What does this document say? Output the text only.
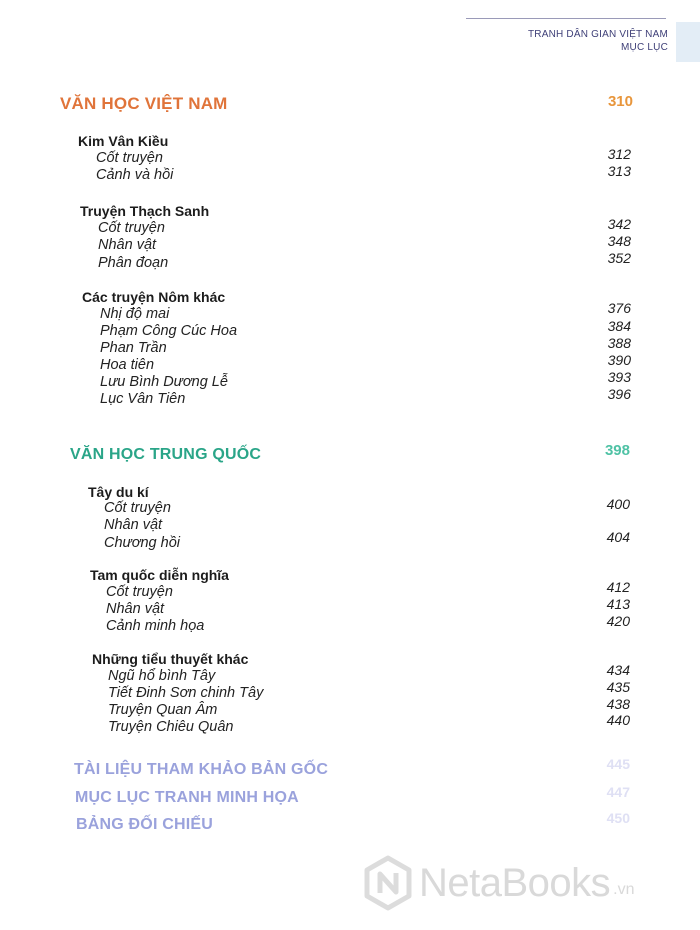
TRANH DÂN GIAN VIỆT NAM
MỤC LỤC
VĂN HỌC VIỆT NAM	310
Kim Vân Kiều
Cốt truyện	312
Cảnh và hồi	313
Truyện Thạch Sanh
Cốt truyện	342
Nhân vật	348
Phân đoạn	352
Các truyện Nôm khác
Nhị độ mai	376
Phạm Công Cúc Hoa	384
Phan Trần	388
Hoa tiên	390
Lưu Bình Dương Lễ	393
Lục Vân Tiên	396
VĂN HỌC TRUNG QUỐC	398
Tây du kí
Cốt truyện	400
Nhân vật
Chương hồi	404
Tam quốc diễn nghĩa
Cốt truyện	412
Nhân vật	413
Cảnh minh họa	420
Những tiểu thuyết khác
Ngũ hổ bình Tây	434
Tiết Đinh Sơn chinh Tây	435
Truyện Quan Âm	438
Truyện Chiêu Quân	440
TÀI LIỆU THAM KHẢO BẢN GỐC	445
MỤC LỤC TRANH MINH HỌA	447
BẢNG ĐỐI CHIẾU	450
NetaBooks .vn
